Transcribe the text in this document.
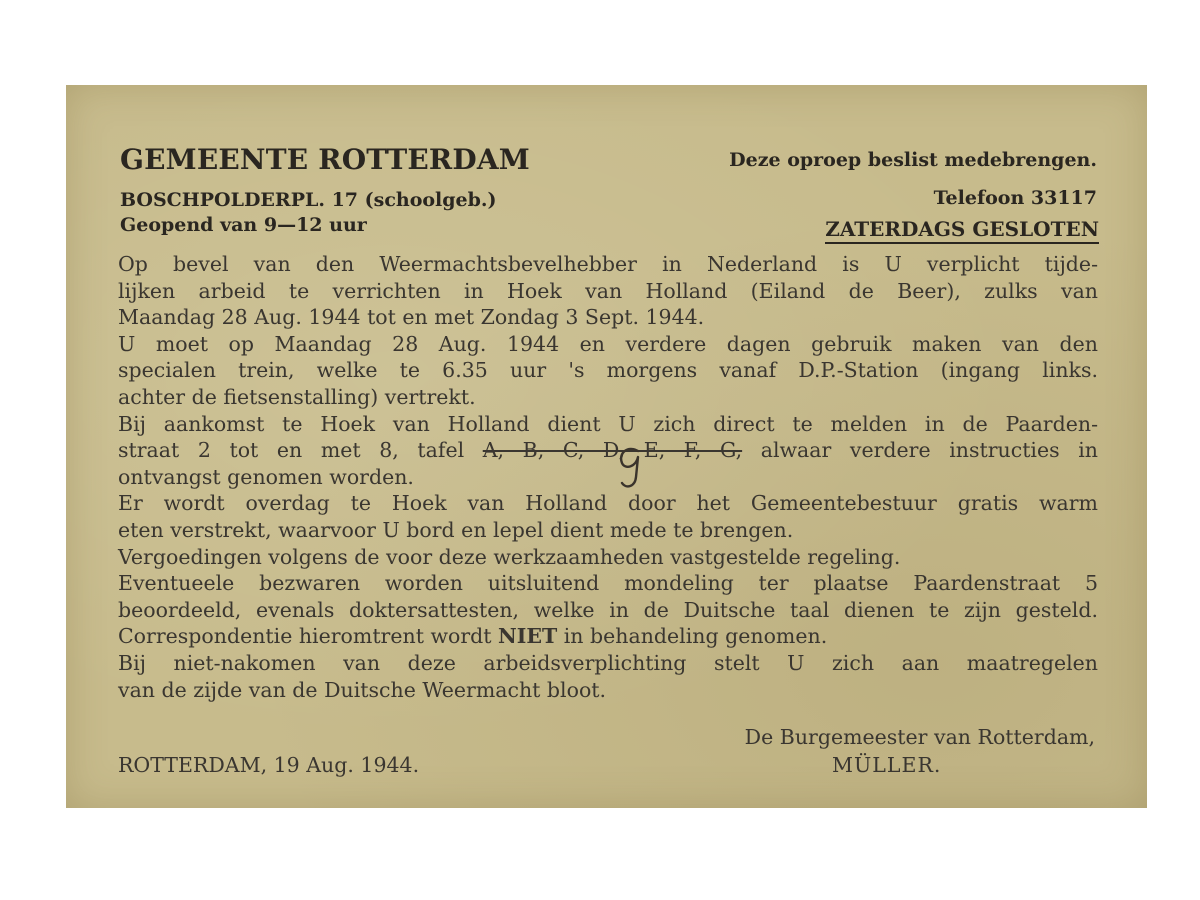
GEMEENTE ROTTERDAM
BOSCHPOLDERPL. 17 (schoolgeb.)
Geopend van 9—12 uur
Deze oproep beslist medebrengen.
Telefoon 33117
ZATERDAGS GESLOTEN
Op bevel van den Weermachtsbevelhebber in Nederland is U verplicht tijde-
lijken arbeid te verrichten in Hoek van Holland (Eiland de Beer), zulks van
Maandag 28 Aug. 1944 tot en met Zondag 3 Sept. 1944.
U moet op Maandag 28 Aug. 1944 en verdere dagen gebruik maken van den
specialen trein, welke te 6.35 uur 's morgens vanaf D.P.-Station (ingang links.
achter de fietsenstalling) vertrekt.
Bij aankomst te Hoek van Holland dient U zich direct te melden in de Paarden-
straat 2 tot en met 8, tafel A, B, C, D, E, F, G, alwaar verdere instructies in
ontvangst genomen worden.
Er wordt overdag te Hoek van Holland door het Gemeentebestuur gratis warm
eten verstrekt, waarvoor U bord en lepel dient mede te brengen.
Vergoedingen volgens de voor deze werkzaamheden vastgestelde regeling.
Eventueele bezwaren worden uitsluitend mondeling ter plaatse Paardenstraat 5
beoordeeld, evenals doktersattesten, welke in de Duitsche taal dienen te zijn gesteld.
Correspondentie hieromtrent wordt NIET in behandeling genomen.
Bij niet-nakomen van deze arbeidsverplichting stelt U zich aan maatregelen
van de zijde van de Duitsche Weermacht bloot.
De Burgemeester van Rotterdam,
MÜLLER.
ROTTERDAM, 19 Aug. 1944.
